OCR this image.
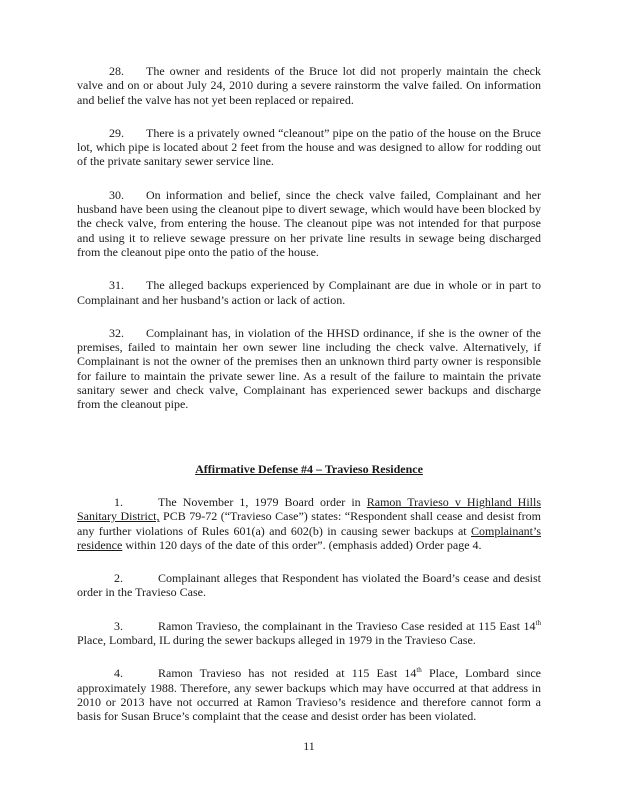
28. The owner and residents of the Bruce lot did not properly maintain the check valve and on or about July 24, 2010 during a severe rainstorm the valve failed. On information and belief the valve has not yet been replaced or repaired.

29. There is a privately owned “cleanout” pipe on the patio of the house on the Bruce lot, which pipe is located about 2 feet from the house and was designed to allow for rodding out of the private sanitary sewer service line.

30. On information and belief, since the check valve failed, Complainant and her husband have been using the cleanout pipe to divert sewage, which would have been blocked by the check valve, from entering the house. The cleanout pipe was not intended for that purpose and using it to relieve sewage pressure on her private line results in sewage being discharged from the cleanout pipe onto the patio of the house.

31. The alleged backups experienced by Complainant are due in whole or in part to Complainant and her husband’s action or lack of action.

32. Complainant has, in violation of the HHSD ordinance, if she is the owner of the premises, failed to maintain her own sewer line including the check valve. Alternatively, if Complainant is not the owner of the premises then an unknown third party owner is responsible for failure to maintain the private sewer line. As a result of the failure to maintain the private sanitary sewer and check valve, Complainant has experienced sewer backups and discharge from the cleanout pipe.

Affirmative Defense #4 – Travieso Residence

1.	The November 1, 1979 Board order in Ramon Travieso v Highland Hills Sanitary District, PCB 79-72 (“Travieso Case”) states: “Respondent shall cease and desist from any further violations of Rules 601(a) and 602(b) in causing sewer backups at Complainant’s residence within 120 days of the date of this order”. (emphasis added) Order page 4.

2.	Complainant alleges that Respondent has violated the Board’s cease and desist order in the Travieso Case.

3.	Ramon Travieso, the complainant in the Travieso Case resided at 115 East 14th Place, Lombard, IL during the sewer backups alleged in 1979 in the Travieso Case.

4.	Ramon Travieso has not resided at 115 East 14th Place, Lombard since approximately 1988. Therefore, any sewer backups which may have occurred at that address in 2010 or 2013 have not occurred at Ramon Travieso’s residence and therefore cannot form a basis for Susan Bruce’s complaint that the cease and desist order has been violated.

11
